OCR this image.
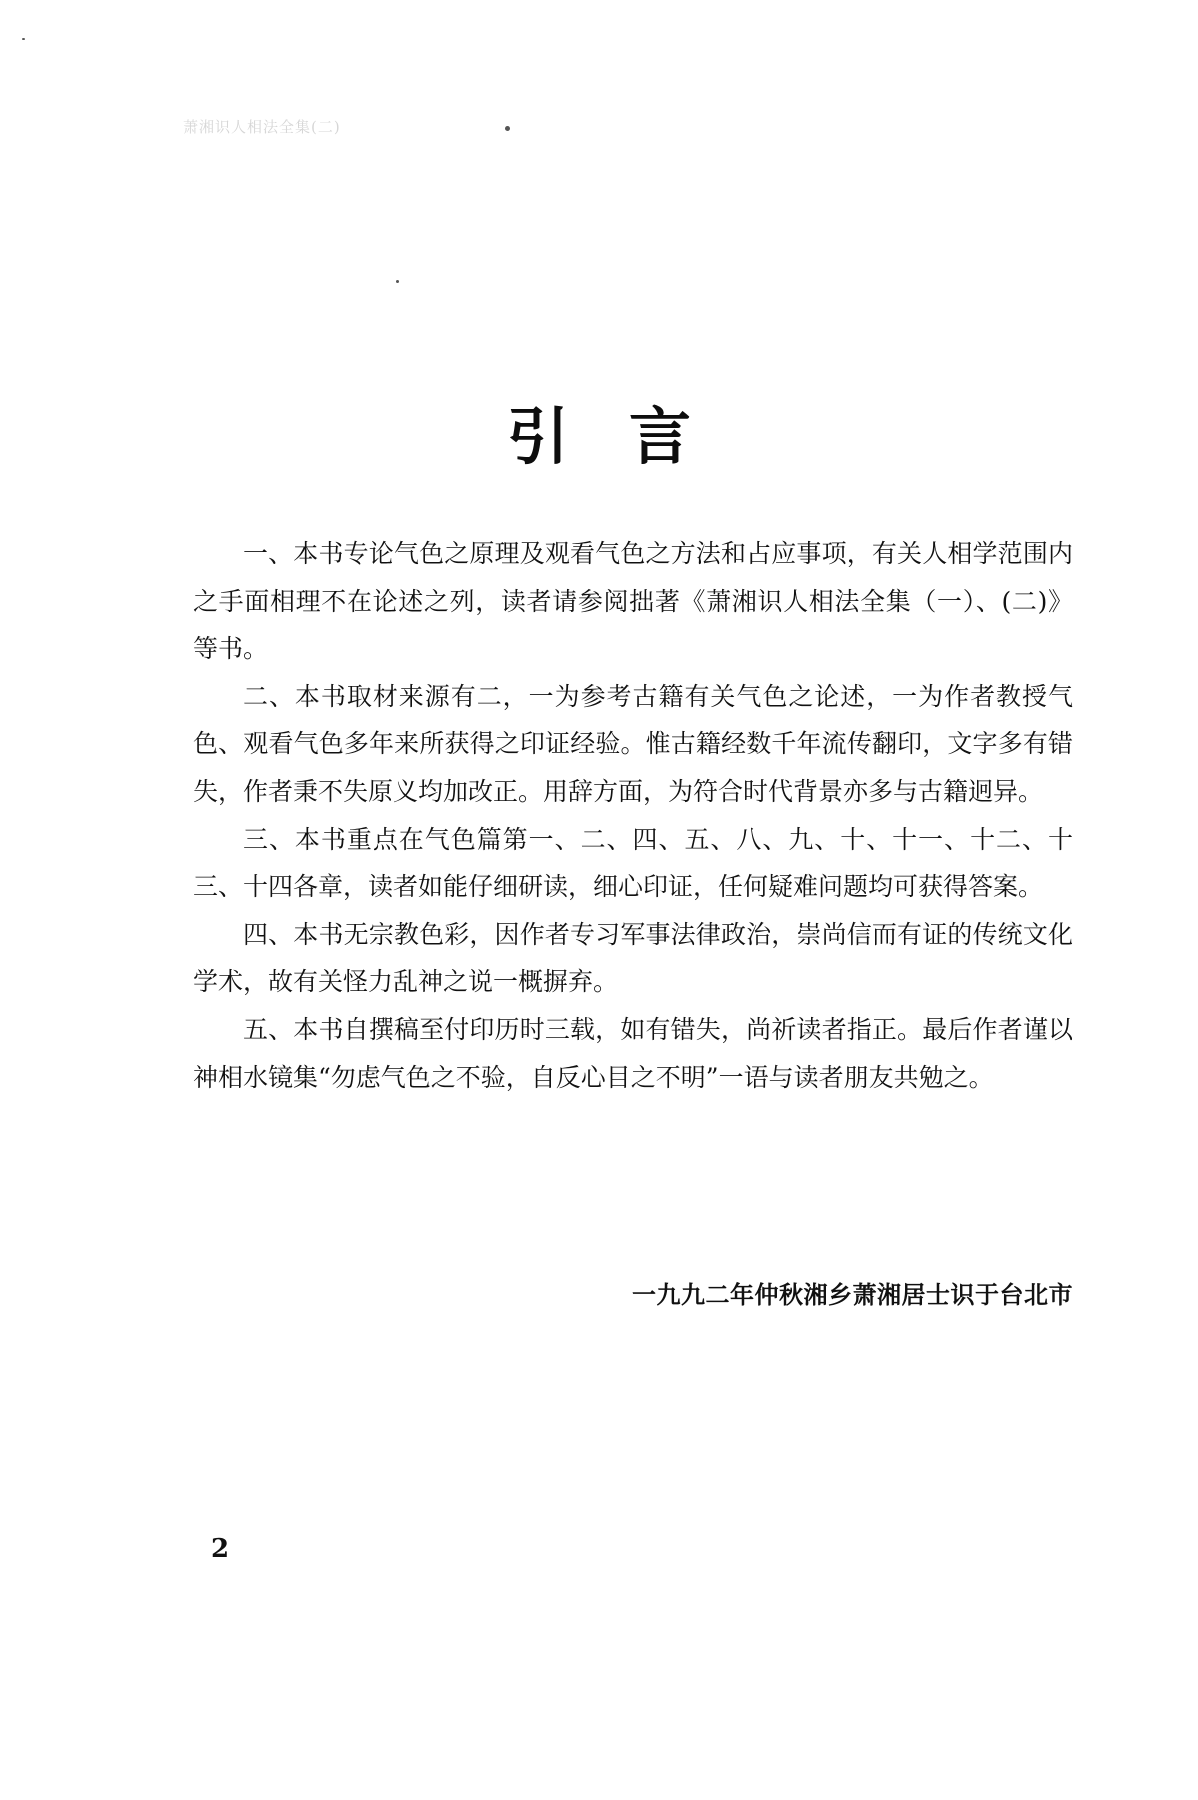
萧湘识人相法全集(二)
引言

一、本书专论气色之原理及观看气色之方法和占应事项，有关人相学范围内之手面相理不在论述之列，读者请参阅拙著《萧湘识人相法全集（一）、(二)》等书。

二、本书取材来源有二，一为参考古籍有关气色之论述，一为作者教授气色、观看气色多年来所获得之印证经验。惟古籍经数千年流传翻印，文字多有错失，作者秉不失原义均加改正。用辞方面，为符合时代背景亦多与古籍迥异。

三、本书重点在气色篇第一、二、四、五、八、九、十、十一、十二、十三、十四各章，读者如能仔细研读，细心印证，任何疑难问题均可获得答案。

四、本书无宗教色彩，因作者专习军事法律政治，崇尚信而有证的传统文化学术，故有关怪力乱神之说一概摒弃。

五、本书自撰稿至付印历时三载，如有错失，尚祈读者指正。最后作者谨以神相水镜集“勿虑气色之不验，自反心目之不明”一语与读者朋友共勉之。

一九九二年仲秋湘乡萧湘居士识于台北市
2
